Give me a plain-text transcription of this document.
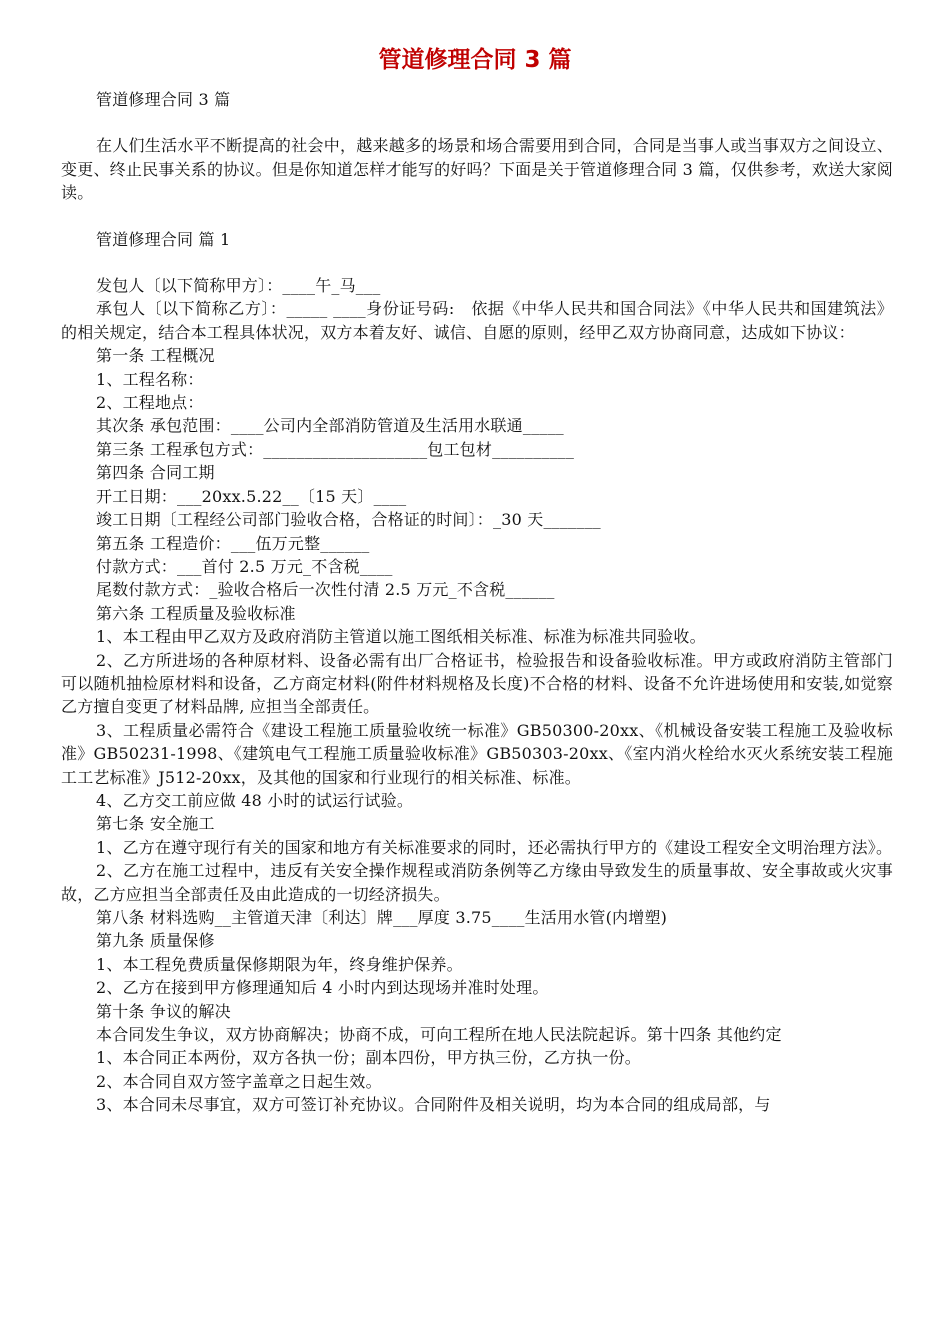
管道修理合同 3 篇

管道修理合同 3 篇

在人们生活水平不断提高的社会中，越来越多的场景和场合需要用到合同，合同是当事人或当事双方之间设立、变更、终止民事关系的协议。但是你知道怎样才能写的好吗？下面是关于管道修理合同 3 篇，仅供参考，欢送大家阅读。

管道修理合同 篇 1

发包人〔以下简称甲方〕：____午_马___

承包人〔以下简称乙方〕：_____ ____身份证号码:　依据《中华人民共和国合同法》《中华人民共和国建筑法》的相关规定，结合本工程具体状况，双方本着友好、诚信、自愿的原则，经甲乙双方协商同意，达成如下协议：

第一条 工程概况

1、工程名称：

2、工程地点：

其次条 承包范围：____公司内全部消防管道及生活用水联通_____

第三条 工程承包方式：____________________包工包材__________

第四条 合同工期

开工日期：___20xx.5.22__〔15 天〕____

竣工日期〔工程经公司部门验收合格，合格证的时间〕：_30 天_______

第五条 工程造价：___伍万元整______

付款方式：___首付 2.5 万元_不含税____

尾数付款方式：_验收合格后一次性付清 2.5 万元_不含税______

第六条 工程质量及验收标准

1、本工程由甲乙双方及政府消防主管道以施工图纸相关标准、标准为标准共同验收。

2、乙方所进场的各种原材料、设备必需有出厂合格证书，检验报告和设备验收标准。甲方或政府消防主管部门可以随机抽检原材料和设备，乙方商定材料(附件材料规格及长度)不合格的材料、设备不允许进场使用和安装,如觉察乙方擅自变更了材料品牌, 应担当全部责任。

3、工程质量必需符合《建设工程施工质量验收统一标准》GB50300-20xx、《机械设备安装工程施工及验收标准》GB50231-1998、《建筑电气工程施工质量验收标准》GB50303-20xx、《室内消火栓给水灭火系统安装工程施工工艺标准》J512-20xx，及其他的国家和行业现行的相关标准、标准。

4、乙方交工前应做 48 小时的试运行试验。

第七条 安全施工

1、乙方在遵守现行有关的国家和地方有关标准要求的同时，还必需执行甲方的《建设工程安全文明治理方法》。

2、乙方在施工过程中，违反有关安全操作规程或消防条例等乙方缘由导致发生的质量事故、安全事故或火灾事故，乙方应担当全部责任及由此造成的一切经济损失。

第八条 材料选购__主管道天津〔利达〕牌___厚度 3.75____生活用水管(内增塑)

第九条 质量保修

1、本工程免费质量保修期限为年，终身维护保养。

2、乙方在接到甲方修理通知后 4 小时内到达现场并准时处理。

第十条 争议的解决

本合同发生争议，双方协商解决；协商不成，可向工程所在地人民法院起诉。第十四条 其他约定

1、本合同正本两份，双方各执一份；副本四份，甲方执三份，乙方执一份。

2、本合同自双方签字盖章之日起生效。

3、本合同未尽事宜，双方可签订补充协议。合同附件及相关说明，均为本合同的组成局部，与
